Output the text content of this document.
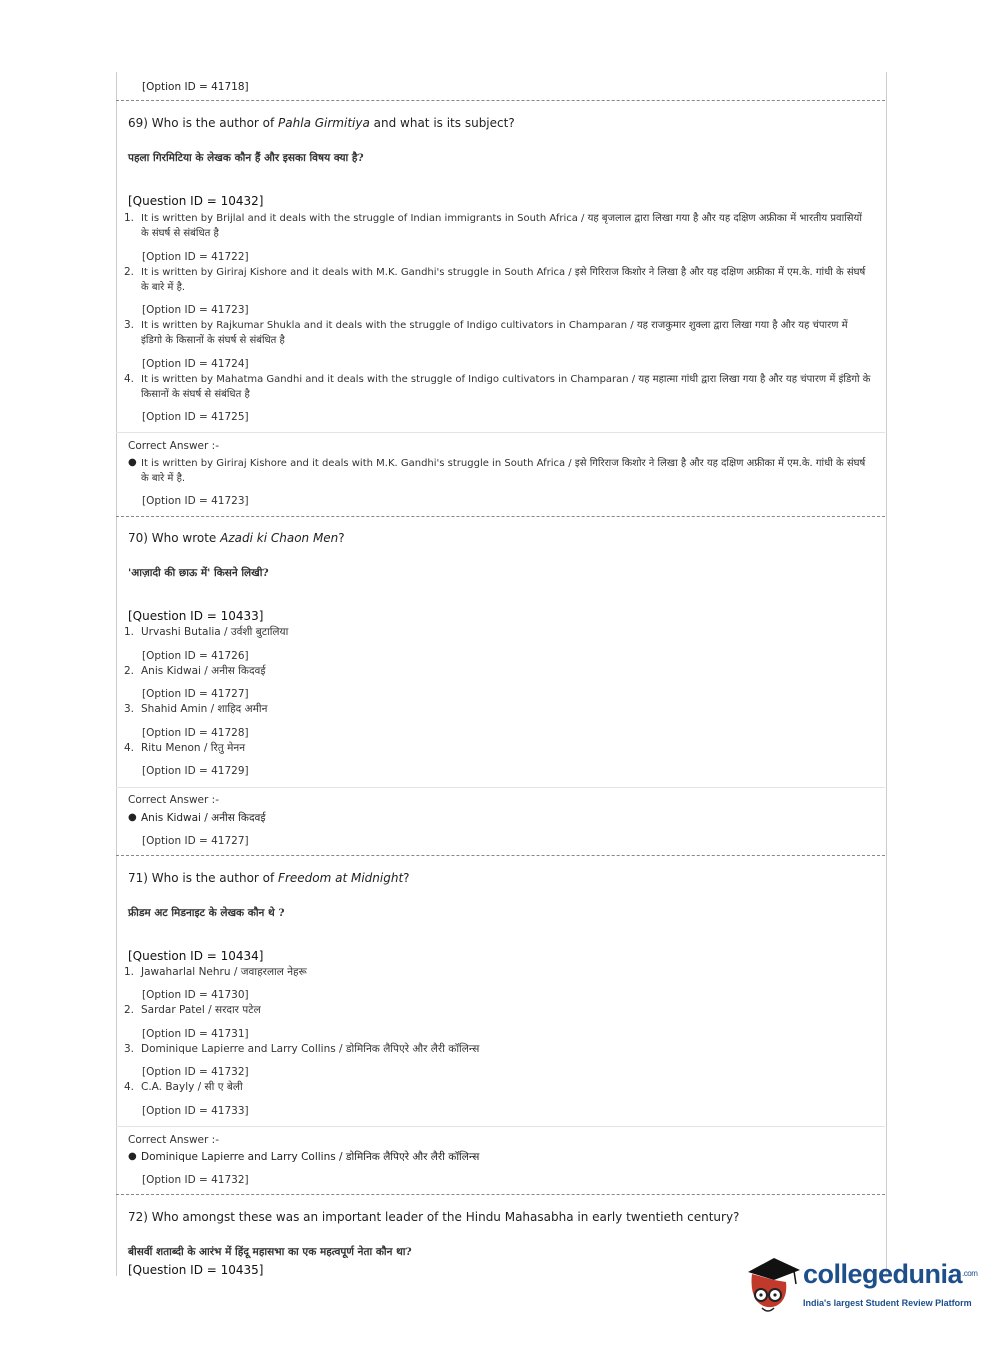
[Option ID = 41718]
69) Who is the author of Pahla Girmitiya and what is its subject?
पहला गिरमिटिया के लेखक कौन हैं और इसका विषय क्या है?
[Question ID = 10432]
1. It is written by Brijlal and it deals with the struggle of Indian immigrants in South Africa / यह बृजलाल द्वारा लिखा गया है और यह दक्षिण अफ्रीका में भारतीय प्रवासियों के संघर्ष से संबंधित है
[Option ID = 41722]
2. It is written by Giriraj Kishore and it deals with M.K. Gandhi's struggle in South Africa / इसे गिरिराज किशोर ने लिखा है और यह दक्षिण अफ्रीका में एम.के. गांधी के संघर्ष के बारे में है.
[Option ID = 41723]
3. It is written by Rajkumar Shukla and it deals with the struggle of Indigo cultivators in Champaran / यह राजकुमार शुक्ला द्वारा लिखा गया है और यह चंपारण में इंडिगो के किसानों के संघर्ष से संबंधित है
[Option ID = 41724]
4. It is written by Mahatma Gandhi and it deals with the struggle of Indigo cultivators in Champaran / यह महात्मा गांधी द्वारा लिखा गया है और यह चंपारण में इंडिगो के किसानों के संघर्ष से संबंधित है
[Option ID = 41725]
Correct Answer :-
● It is written by Giriraj Kishore and it deals with M.K. Gandhi's struggle in South Africa / इसे गिरिराज किशोर ने लिखा है और यह दक्षिण अफ्रीका में एम.के. गांधी के संघर्ष के बारे में है.
[Option ID = 41723]
70) Who wrote Azadi ki Chaon Men?
'आज़ादी की छाऊ में' किसने लिखी?
[Question ID = 10433]
1. Urvashi Butalia / उर्वशी बुटालिया
[Option ID = 41726]
2. Anis Kidwai / अनीस किदवई
[Option ID = 41727]
3. Shahid Amin / शाहिद अमीन
[Option ID = 41728]
4. Ritu Menon / रितु मेनन
[Option ID = 41729]
Correct Answer :-
● Anis Kidwai / अनीस किदवई
[Option ID = 41727]
71) Who is the author of Freedom at Midnight?
फ्रीडम अट मिडनाइट के लेखक कौन थे ?
[Question ID = 10434]
1. Jawaharlal Nehru / जवाहरलाल नेहरू
[Option ID = 41730]
2. Sardar Patel / सरदार पटेल
[Option ID = 41731]
3. Dominique Lapierre and Larry Collins / डोमिनिक लैपिएरे और लैरी कॉलिन्स
[Option ID = 41732]
4. C.A. Bayly / सी ए बेली
[Option ID = 41733]
Correct Answer :-
● Dominique Lapierre and Larry Collins / डोमिनिक लैपिएरे और लैरी कॉलिन्स
[Option ID = 41732]
72) Who amongst these was an important leader of the Hindu Mahasabha in early twentieth century?
बीसवीं शताब्दी के आरंभ में हिंदू महासभा का एक महत्वपूर्ण नेता कौन था?
[Question ID = 10435]	collegedunia$^{.com}$
India's largest Student Review Platform
